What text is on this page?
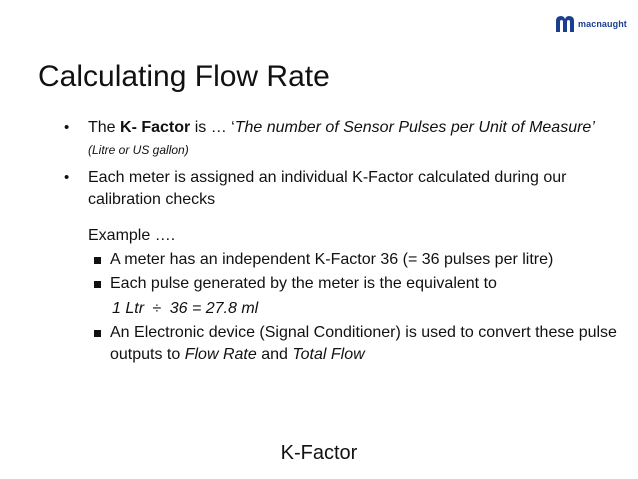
macnaught
Calculating Flow Rate
• The K- Factor is … ‘The number of Sensor Pulses per Unit of Measure’ (Litre or US gallon)
• Each meter is assigned an individual K-Factor calculated during our calibration checks
Example ….
A meter has an independent K-Factor 36 (= 36 pulses per litre)
Each pulse generated by the meter is the equivalent to
1 Ltr ÷ 36 = 27.8 ml
An Electronic device (Signal Conditioner) is used to convert these pulse outputs to Flow Rate and Total Flow
K-Factor
